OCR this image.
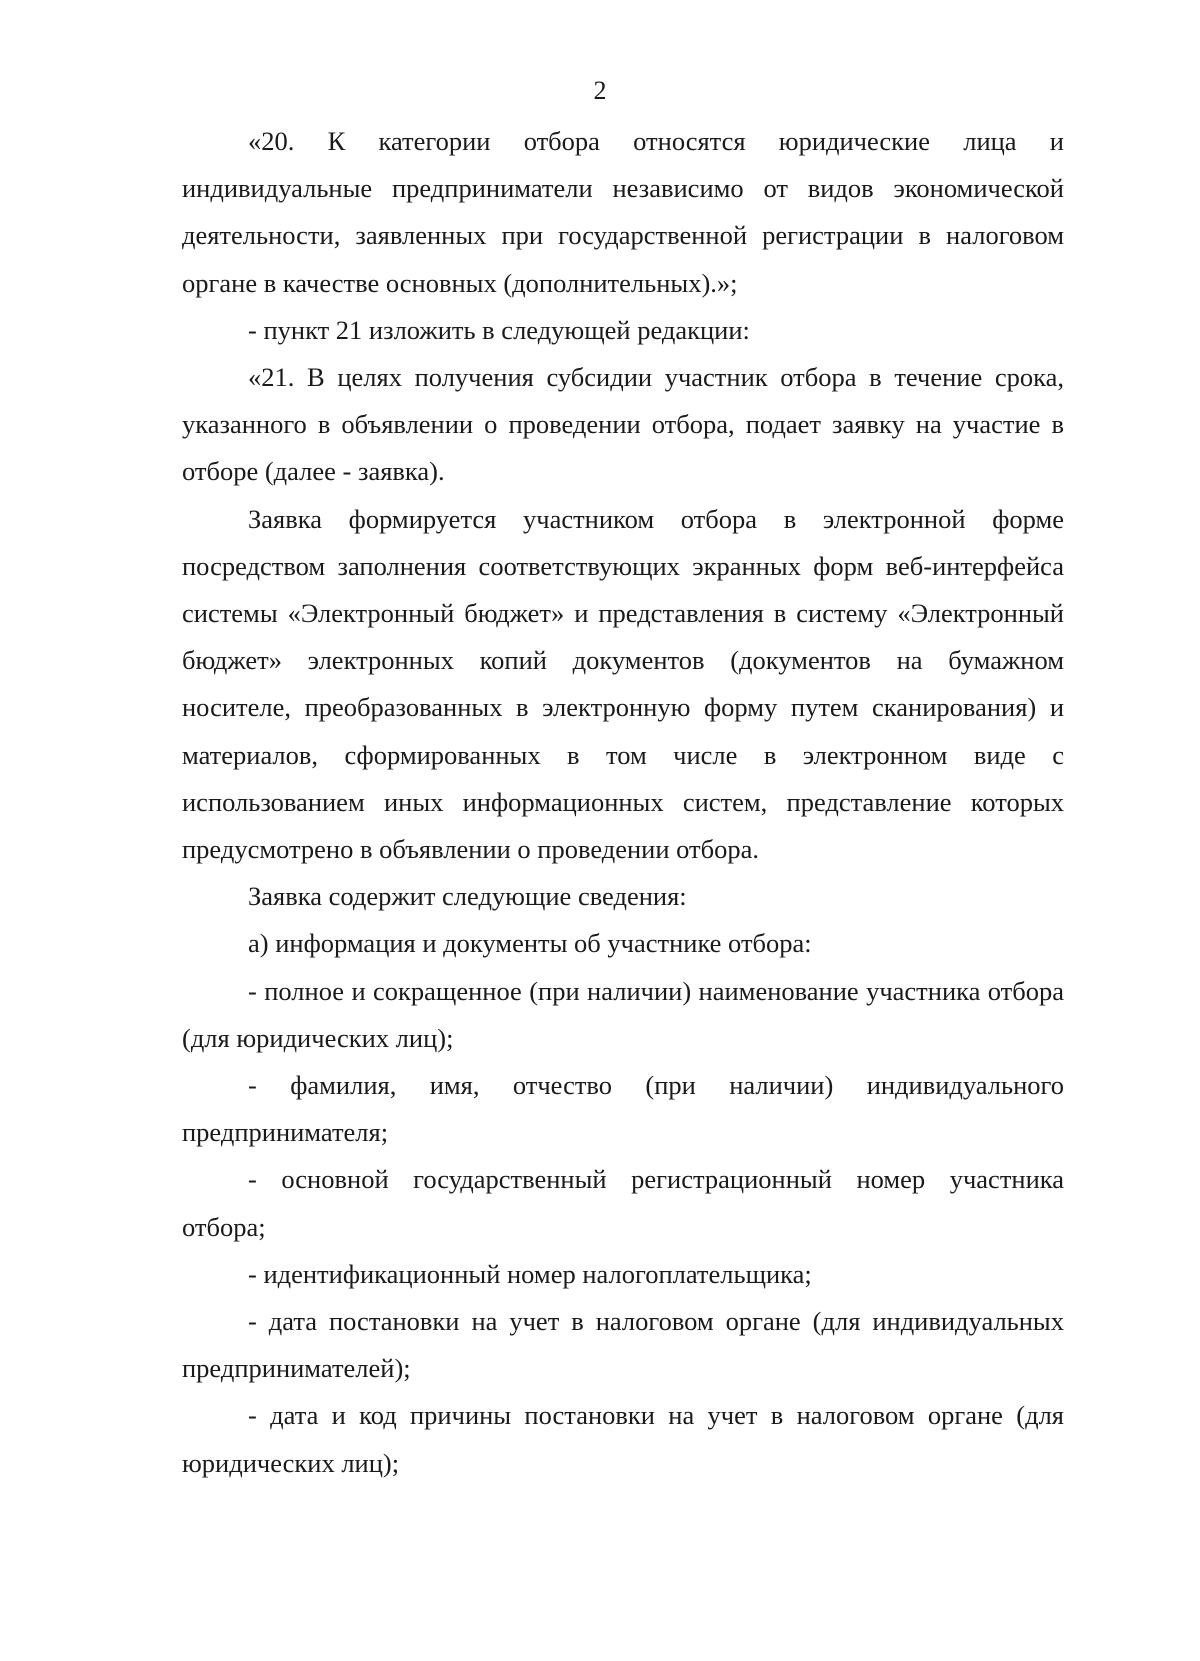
2

«20. К категории отбора относятся юридические лица и индивидуальные предприниматели независимо от видов экономической деятельности, заявленных при государственной регистрации в налоговом органе в качестве основных (дополнительных).»;

- пункт 21 изложить в следующей редакции:

«21. В целях получения субсидии участник отбора в течение срока, указанного в объявлении о проведении отбора, подает заявку на участие в отборе (далее - заявка).

Заявка формируется участником отбора в электронной форме посредством заполнения соответствующих экранных форм веб-интерфейса системы «Электронный бюджет» и представления в систему «Электронный бюджет» электронных копий документов (документов на бумажном носителе, преобразованных в электронную форму путем сканирования) и материалов, сформированных в том числе в электронном виде с использованием иных информационных систем, представление которых предусмотрено в объявлении о проведении отбора.

Заявка содержит следующие сведения:

а) информация и документы об участнике отбора:

- полное и сокращенное (при наличии) наименование участника отбора (для юридических лиц);

- фамилия, имя, отчество (при наличии) индивидуального предпринимателя;

- основной государственный регистрационный номер участника отбора;

- идентификационный номер налогоплательщика;

- дата постановки на учет в налоговом органе (для индивидуальных предпринимателей);

- дата и код причины постановки на учет в налоговом органе (для юридических лиц);
